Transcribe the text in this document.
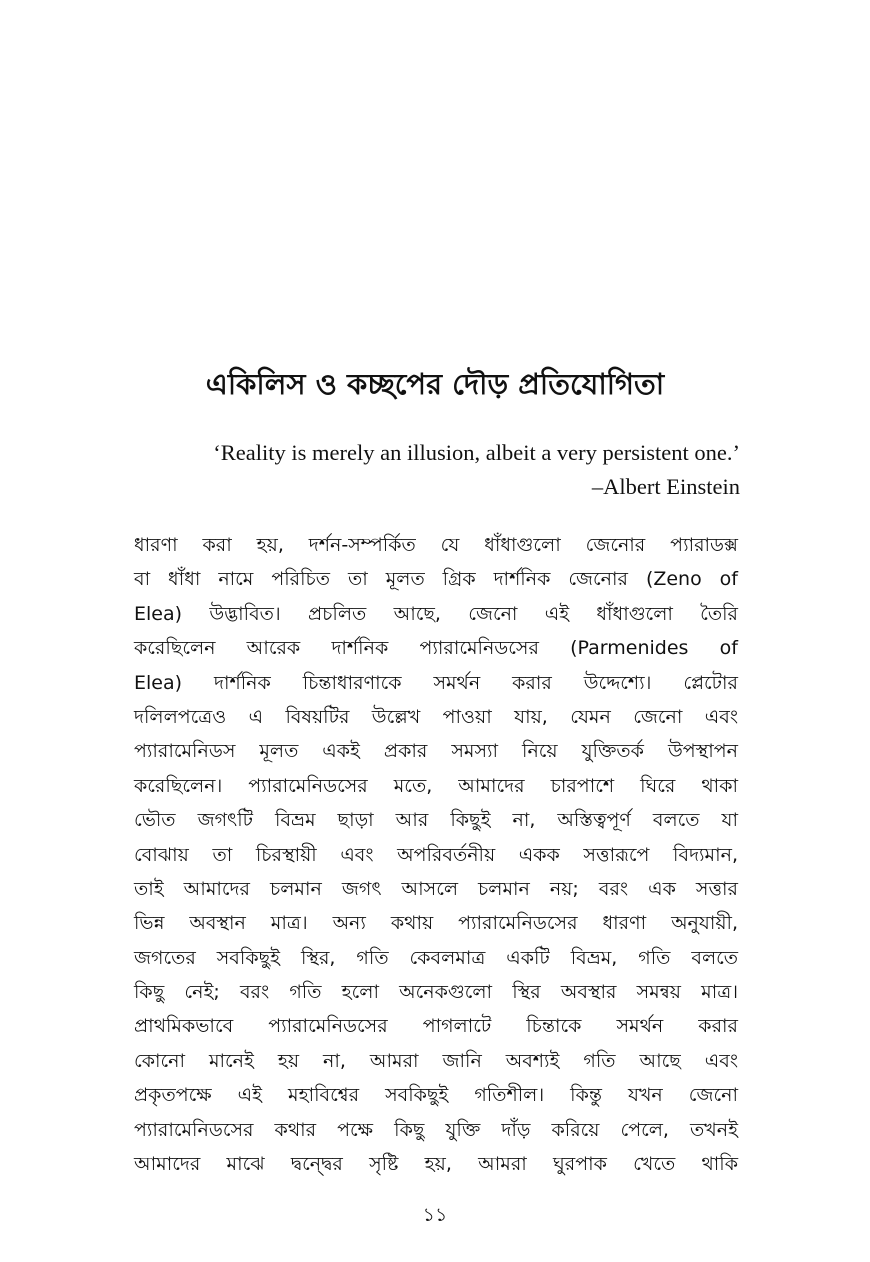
একিলিস ও কচ্ছপের দৌড় প্রতিযোগিতা
‘Reality is merely an illusion, albeit a very persistent one.’
–Albert Einstein
ধারণা করা হয়, দর্শন-সম্পর্কিত যে ধাঁধাগুলো জেনোর প্যারাডক্স
বা ধাঁধা নামে পরিচিত তা মূলত গ্রিক দার্শনিক জেনোর (Zeno of
Elea) উদ্ভাবিত। প্রচলিত আছে, জেনো এই ধাঁধাগুলো তৈরি
করেছিলেন আরেক দার্শনিক প্যারামেনিডসের (Parmenides of
Elea) দার্শনিক চিন্তাধারণাকে সমর্থন করার উদ্দেশ্যে। প্লেটোর
দলিলপত্রেও এ বিষয়টির উল্লেখ পাওয়া যায়, যেমন জেনো এবং
প্যারামেনিডস মূলত একই প্রকার সমস্যা নিয়ে যুক্তিতর্ক উপস্থাপন
করেছিলেন। প্যারামেনিডসের মতে, আমাদের চারপাশে ঘিরে থাকা
ভৌত জগৎটি বিভ্রম ছাড়া আর কিছুই না, অস্তিত্বপূর্ণ বলতে যা
বোঝায় তা চিরস্থায়ী এবং অপরিবর্তনীয় একক সত্তারূপে বিদ্যমান,
তাই আমাদের চলমান জগৎ আসলে চলমান নয়; বরং এক সত্তার
ভিন্ন অবস্থান মাত্র। অন্য কথায় প্যারামেনিডসের ধারণা অনুযায়ী,
জগতের সবকিছুই স্থির, গতি কেবলমাত্র একটি বিভ্রম, গতি বলতে
কিছু নেই; বরং গতি হলো অনেকগুলো স্থির অবস্থার সমন্বয় মাত্র।
প্রাথমিকভাবে প্যারামেনিডসের পাগলাটে চিন্তাকে সমর্থন করার
কোনো মানেই হয় না, আমরা জানি অবশ্যই গতি আছে এবং
প্রকৃতপক্ষে এই মহাবিশ্বের সবকিছুই গতিশীল। কিন্তু যখন জেনো
প্যারামেনিডসের কথার পক্ষে কিছু যুক্তি দাঁড় করিয়ে পেলে, তখনই
আমাদের মাঝে দ্বন্দ্বের সৃষ্টি হয়, আমরা ঘুরপাক খেতে থাকি
১১
